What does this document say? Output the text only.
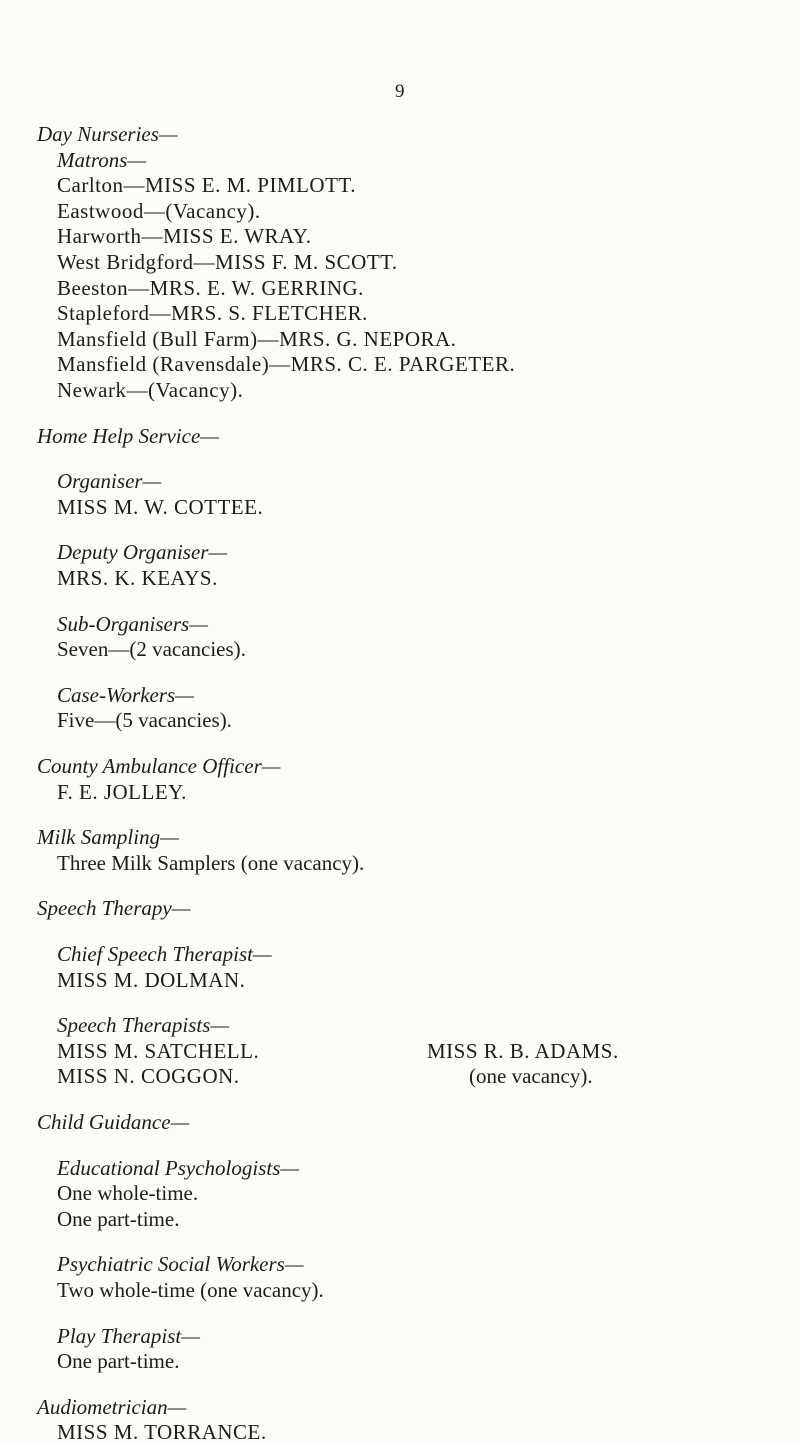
9
Day Nurseries—
Matrons—
Carlton—MISS E. M. PIMLOTT.
Eastwood—(Vacancy).
Harworth—MISS E. WRAY.
West Bridgford—MISS F. M. SCOTT.
Beeston—MRS. E. W. GERRING.
Stapleford—MRS. S. FLETCHER.
Mansfield (Bull Farm)—MRS. G. NEPORA.
Mansfield (Ravensdale)—MRS. C. E. PARGETER.
Newark—(Vacancy).
Home Help Service—
Organiser—
MISS M. W. COTTEE.
Deputy Organiser—
MRS. K. KEAYS.
Sub-Organisers—
Seven—(2 vacancies).
Case-Workers—
Five—(5 vacancies).
County Ambulance Officer—
F. E. JOLLEY.
Milk Sampling—
Three Milk Samplers (one vacancy).
Speech Therapy—
Chief Speech Therapist—
MISS M. DOLMAN.
Speech Therapists—
MISS M. SATCHELL.
MISS N. COGGON.
MISS R. B. ADAMS.
(one vacancy).
Child Guidance—
Educational Psychologists—
One whole-time.
One part-time.
Psychiatric Social Workers—
Two whole-time (one vacancy).
Play Therapist—
One part-time.
Audiometrician—
MISS M. TORRANCE.
